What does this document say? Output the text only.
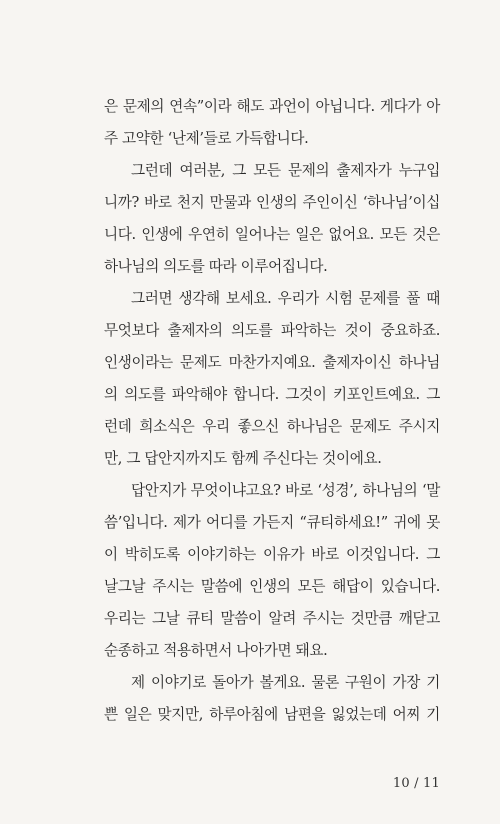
은 문제의 연속”이라 해도 과언이 아닙니다. 게다가 아
주 고약한 ‘난제’들로 가득합니다.
그런데 여러분, 그 모든 문제의 출제자가 누구입
니까? 바로 천지 만물과 인생의 주인이신 ‘하나님’이십
니다. 인생에 우연히 일어나는 일은 없어요. 모든 것은
하나님의 의도를 따라 이루어집니다.
그러면 생각해 보세요. 우리가 시험 문제를 풀 때
무엇보다 출제자의 의도를 파악하는 것이 중요하죠.
인생이라는 문제도 마찬가지예요. 출제자이신 하나님
의 의도를 파악해야 합니다. 그것이 키포인트예요. 그
런데 희소식은 우리 좋으신 하나님은 문제도 주시지
만, 그 답안지까지도 함께 주신다는 것이에요.
답안지가 무엇이냐고요? 바로 ‘성경’, 하나님의 ‘말
씀’입니다. 제가 어디를 가든지 “큐티하세요!” 귀에 못
이 박히도록 이야기하는 이유가 바로 이것입니다. 그
날그날 주시는 말씀에 인생의 모든 해답이 있습니다.
우리는 그날 큐티 말씀이 알려 주시는 것만큼 깨닫고
순종하고 적용하면서 나아가면 돼요.
제 이야기로 돌아가 볼게요. 물론 구원이 가장 기
쁜 일은 맞지만, 하루아침에 남편을 잃었는데 어찌 기
10 / 11
